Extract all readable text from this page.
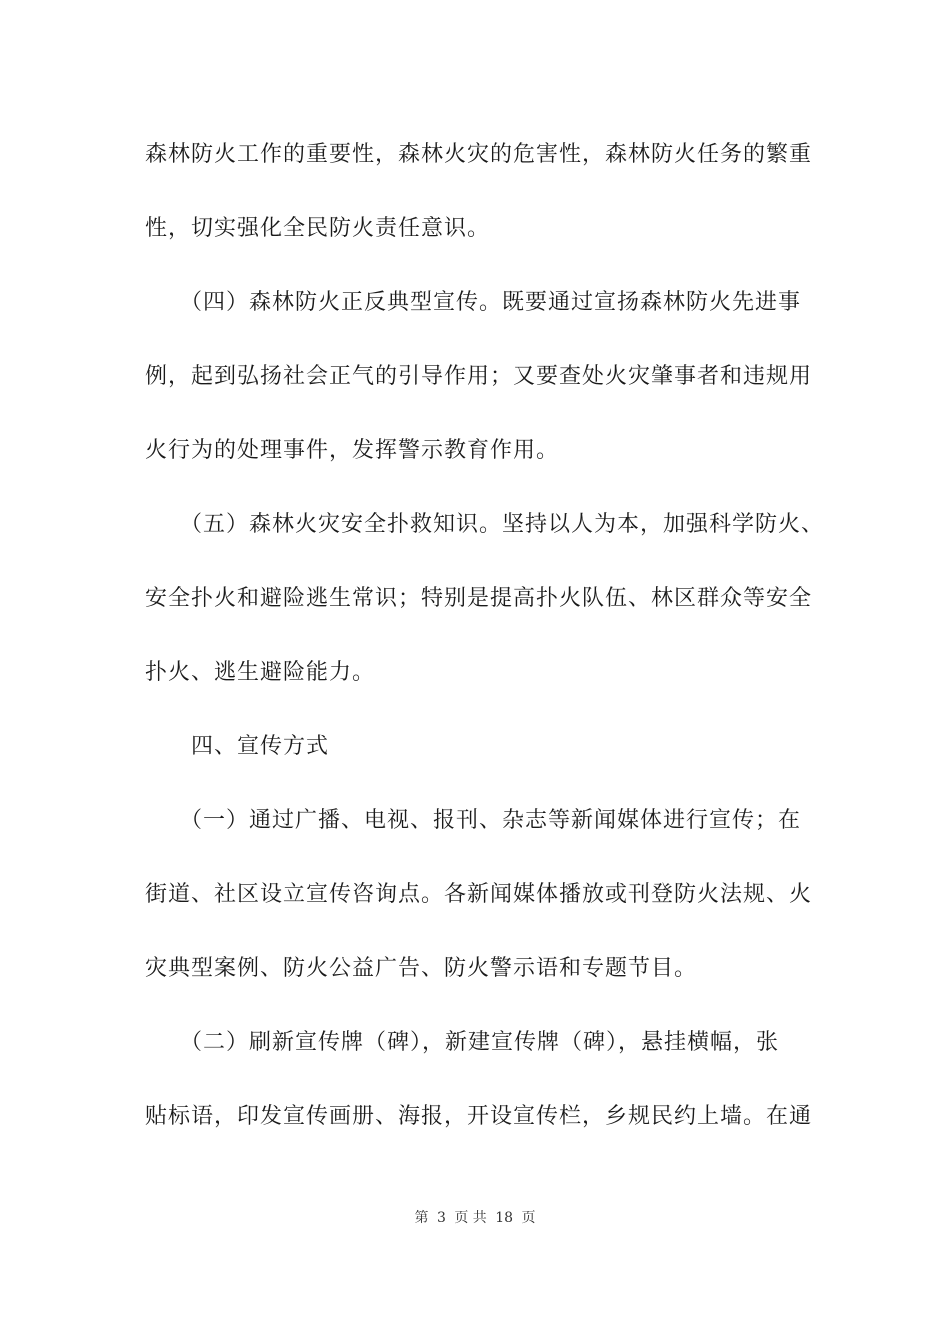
森林防火工作的重要性，森林火灾的危害性，森林防火任务的繁重
性，切实强化全民防火责任意识。
　　（四）森林防火正反典型宣传。既要通过宣扬森林防火先进事
例，起到弘扬社会正气的引导作用；又要查处火灾肇事者和违规用
火行为的处理事件，发挥警示教育作用。
　　（五）森林火灾安全扑救知识。坚持以人为本，加强科学防火、
安全扑火和避险逃生常识；特别是提高扑火队伍、林区群众等安全
扑火、逃生避险能力。
　　四、宣传方式
　　（一）通过广播、电视、报刊、杂志等新闻媒体进行宣传；在
街道、社区设立宣传咨询点。各新闻媒体播放或刊登防火法规、火
灾典型案例、防火公益广告、防火警示语和专题节目。
　　（二）刷新宣传牌（碑），新建宣传牌（碑），悬挂横幅，张
贴标语，印发宣传画册、海报，开设宣传栏，乡规民约上墙。在通
第 3 页 共 18 页
